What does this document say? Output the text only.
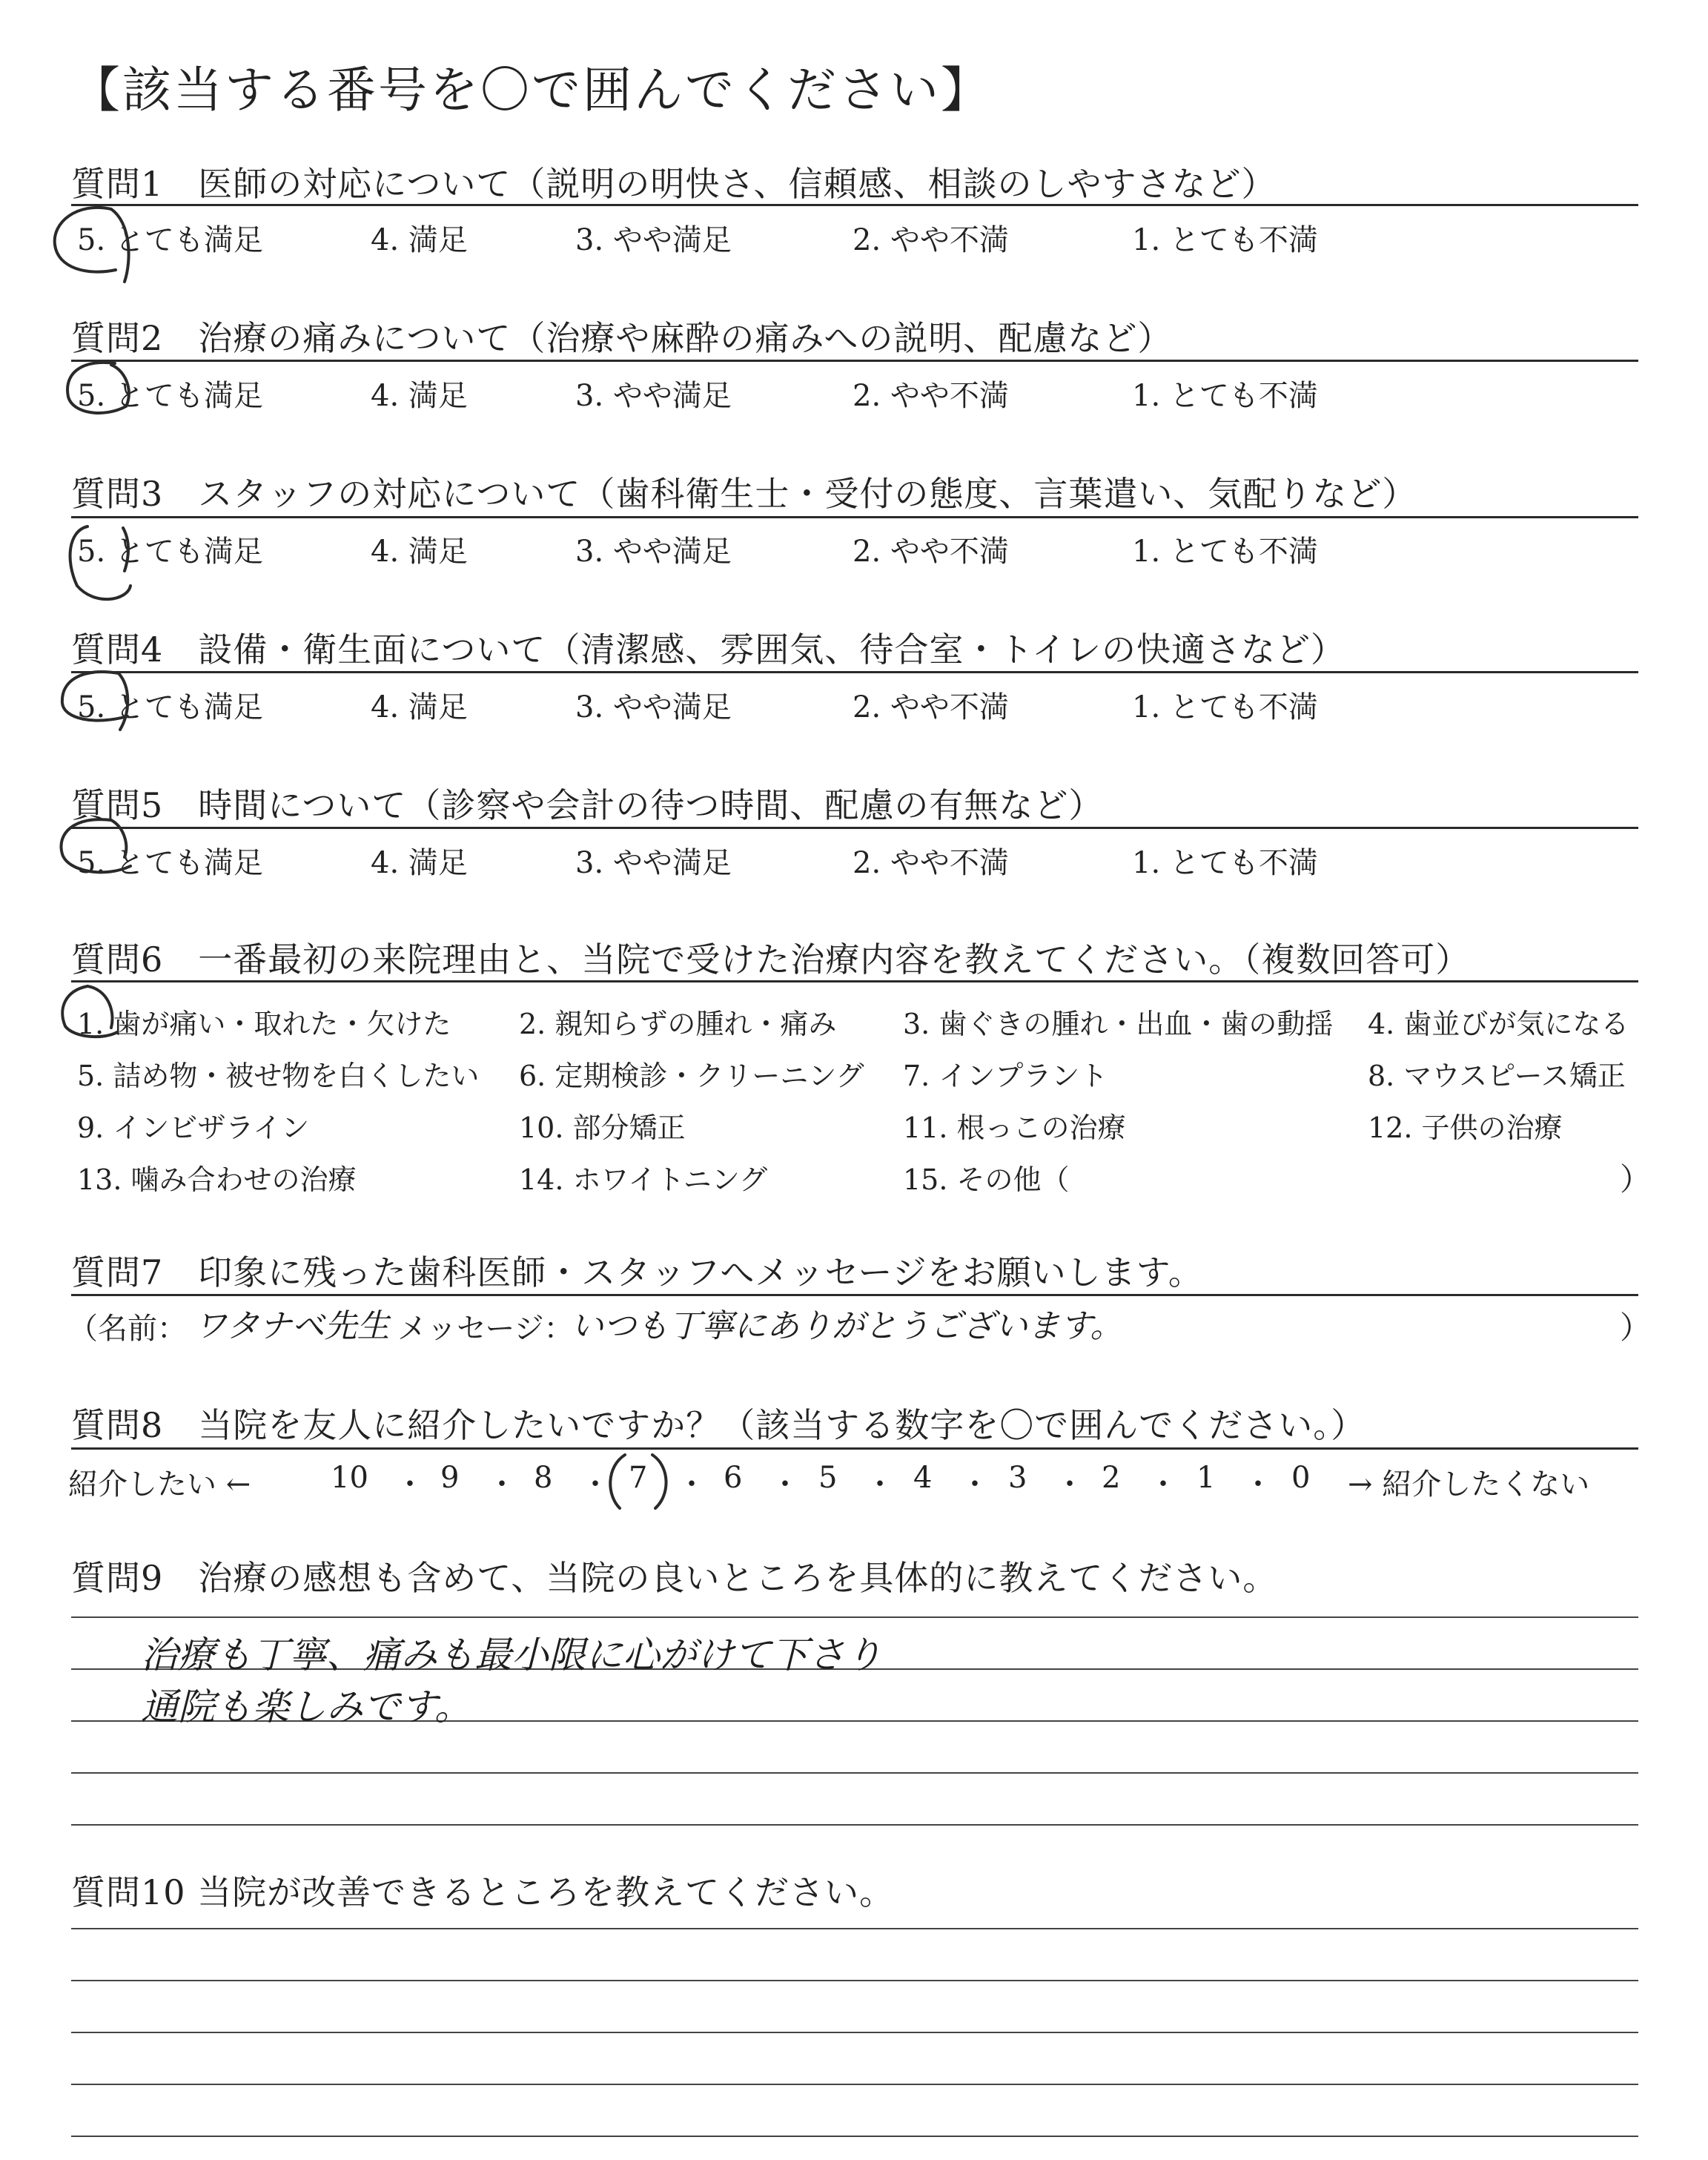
【該当する番号を〇で囲んでください】
質問1　医師の対応について（説明の明快さ、信頼感、相談のしやすさなど）
5. とても満足	4. 満足	3. やや満足	2. やや不満	1. とても不満
質問2　治療の痛みについて（治療や麻酔の痛みへの説明、配慮など）
5. とても満足	4. 満足	3. やや満足	2. やや不満	1. とても不満
質問3　スタッフの対応について（歯科衛生士・受付の態度、言葉遣い、気配りなど）
5. とても満足	4. 満足	3. やや満足	2. やや不満	1. とても不満
質問4　設備・衛生面について（清潔感、雰囲気、待合室・トイレの快適さなど）
5. とても満足	4. 満足	3. やや満足	2. やや不満	1. とても不満
質問5　時間について（診察や会計の待つ時間、配慮の有無など）
5. とても満足	4. 満足	3. やや満足	2. やや不満	1. とても不満
質問6　一番最初の来院理由と、当院で受けた治療内容を教えてください。（複数回答可）
1. 歯が痛い・取れた・欠けた 2. 親知らずの腫れ・痛み 3. 歯ぐきの腫れ・出血・歯の動揺 4. 歯並びが気になる
5. 詰め物・被せ物を白くしたい 6. 定期検診・クリーニング 7. インプラント	8. マウスピース矯正
9. インビザライン	10. 部分矯正	11. 根っこの治療	12. 子供の治療
13. 噛み合わせの治療	14. ホワイトニング	15. その他（	）
質問7　印象に残った歯科医師・スタッフへメッセージをお願いします。
（名前： ワタナベ先生 メッセージ：
いつも丁寧にありがとうございます。	）
質問8　当院を友人に紹介したいですか？（該当する数字を〇で囲んでください。）
紹介したい ←	10 ・ 9 ・ 8 ・ 7 ・ 6 ・ 5 ・ 4 ・ 3 ・ 2 ・ 1 ・ 0 → 紹介したくない
質問9　治療の感想も含めて、当院の良いところを具体的に教えてください。
治療も丁寧、痛みも最小限に心がけて下さり
通院も楽しみです。
質問10 当院が改善できるところを教えてください。
